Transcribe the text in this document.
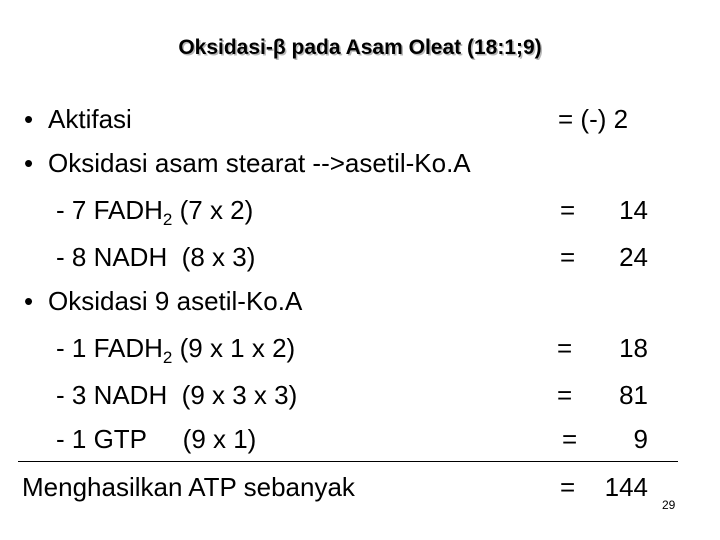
Oksidasi-β pada Asam Oleat (18:1;9)
• Aktifasi	= (-) 2
• Oksidasi asam stearat -->asetil-Ko.A
- 7 $FADH_2$ (7 x 2)	= 14
- 8 NADH  (8 x 3)	= 24
• Oksidasi 9 asetil-Ko.A
- 1 $FADH_2$ (9 x 1 x 2)	= 18
- 3 NADH  (9 x 3 x 3)	= 81
- 1 GTP     (9 x 1)	= 9
Menghasilkan ATP sebanyak	= 144
29
